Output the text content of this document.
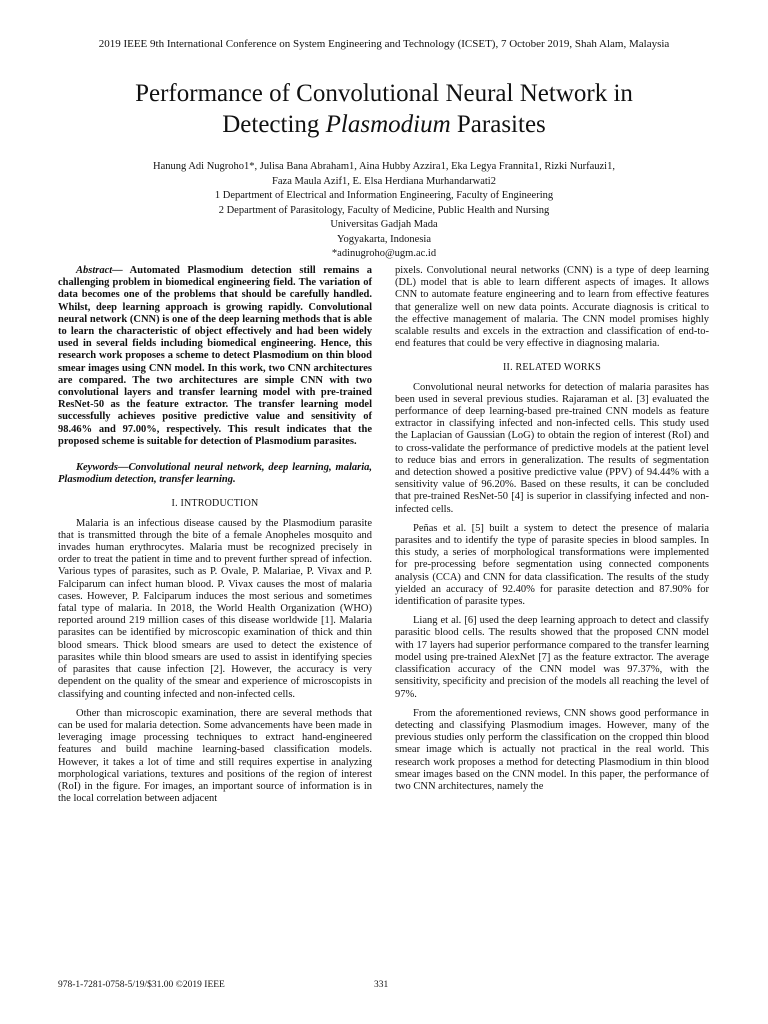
2019 IEEE 9th International Conference on System Engineering and Technology (ICSET), 7 October 2019, Shah Alam, Malaysia
Performance of Convolutional Neural Network in
Detecting Plasmodium Parasites
Hanung Adi Nugroho1*, Julisa Bana Abraham1, Aina Hubby Azzira1, Eka Legya Frannita1, Rizki Nurfauzi1,
Faza Maula Azif1, E. Elsa Herdiana Murhandarwati2
1 Department of Electrical and Information Engineering, Faculty of Engineering
2 Department of Parasitology, Faculty of Medicine, Public Health and Nursing
Universitas Gadjah Mada
Yogyakarta, Indonesia
*adinugroho@ugm.ac.id

Abstract— Automated Plasmodium detection still remains a challenging problem in biomedical engineering field. The variation of data becomes one of the problems that should be carefully handled. Whilst, deep learning approach is growing rapidly. Convolutional neural network (CNN) is one of the deep learning methods that is able to learn the characteristic of object effectively and had been widely used in several fields including biomedical engineering. Hence, this research work proposes a scheme to detect Plasmodium on thin blood smear images using CNN model. In this work, two CNN architectures are compared. The two architectures are simple CNN with two convolutional layers and transfer learning model with pre-trained ResNet-50 as the feature extractor. The transfer learning model successfully achieves positive predictive value and sensitivity of 98.46% and 97.00%, respectively. This result indicates that the proposed scheme is suitable for detection of Plasmodium parasites.

Keywords—Convolutional neural network, deep learning, malaria, Plasmodium detection, transfer learning.

I. INTRODUCTION

Malaria is an infectious disease caused by the Plasmodium parasite that is transmitted through the bite of a female Anopheles mosquito and invades human erythrocytes. Malaria must be recognized precisely in order to treat the patient in time and to prevent further spread of infection. Various types of parasites, such as P. Ovale, P. Malariae, P. Vivax and P. Falciparum can infect human blood. P. Vivax causes the most of malaria cases. However, P. Falciparum induces the most serious and sometimes fatal type of malaria. In 2018, the World Health Organization (WHO) reported around 219 million cases of this disease worldwide [1]. Malaria parasites can be identified by microscopic examination of thick and thin blood smears. Thick blood smears are used to detect the existence of parasites while thin blood smears are used to assist in identifying species of parasites that cause infection [2]. However, the accuracy is very dependent on the quality of the smear and experience of microscopists in classifying and counting infected and non-infected cells.

Other than microscopic examination, there are several methods that can be used for malaria detection. Some advancements have been made in leveraging image processing techniques to extract hand-engineered features and build machine learning-based classification models. However, it takes a lot of time and still requires expertise in analyzing morphological variations, textures and positions of the region of interest (RoI) in the figure. For images, an important source of information is in the local correlation between adjacent

pixels. Convolutional neural networks (CNN) is a type of deep learning (DL) model that is able to learn different aspects of images. It allows CNN to automate feature engineering and to learn from effective features that generalize well on new data points. Accurate diagnosis is critical to the effective management of malaria. The CNN model promises highly scalable results and excels in the extraction and classification of end-to-end features that could be very effective in diagnosing malaria.

II. RELATED WORKS

Convolutional neural networks for detection of malaria parasites has been used in several previous studies. Rajaraman et al. [3] evaluated the performance of deep learning-based pre-trained CNN models as feature extractor in classifying infected and non-infected cells. This study used the Laplacian of Gaussian (LoG) to obtain the region of interest (RoI) and to cross-validate the performance of predictive models at the patient level to reduce bias and errors in generalization. The results of segmentation and detection showed a positive predictive value (PPV) of 94.44% with a sensitivity value of 96.20%. Based on these results, it can be concluded that pre-trained ResNet-50 [4] is superior in classifying infected and non-infected cells.

Peñas et al. [5] built a system to detect the presence of malaria parasites and to identify the type of parasite species in blood samples. In this study, a series of morphological transformations were implemented for pre-processing before segmentation using connected components analysis (CCA) and CNN for data classification. The results of the study yielded an accuracy of 92.40% for parasite detection and 87.90% for identification of parasite types.

Liang et al. [6] used the deep learning approach to detect and classify parasitic blood cells. The results showed that the proposed CNN model with 17 layers had superior performance compared to the transfer learning model using pre-trained AlexNet [7] as the feature extractor. The average classification accuracy of the CNN model was 97.37%, with the sensitivity, specificity and precision of the models all reaching the level of 97%.

From the aforementioned reviews, CNN shows good performance in detecting and classifying Plasmodium images. However, many of the previous studies only perform the classification on the cropped thin blood smear image which is actually not practical in the real world. This research work proposes a method for detecting Plasmodium in thin blood smear images based on the CNN model. In this paper, the performance of two CNN architectures, namely the

978-1-7281-0758-5/19/$31.00 ©2019 IEEE	331
